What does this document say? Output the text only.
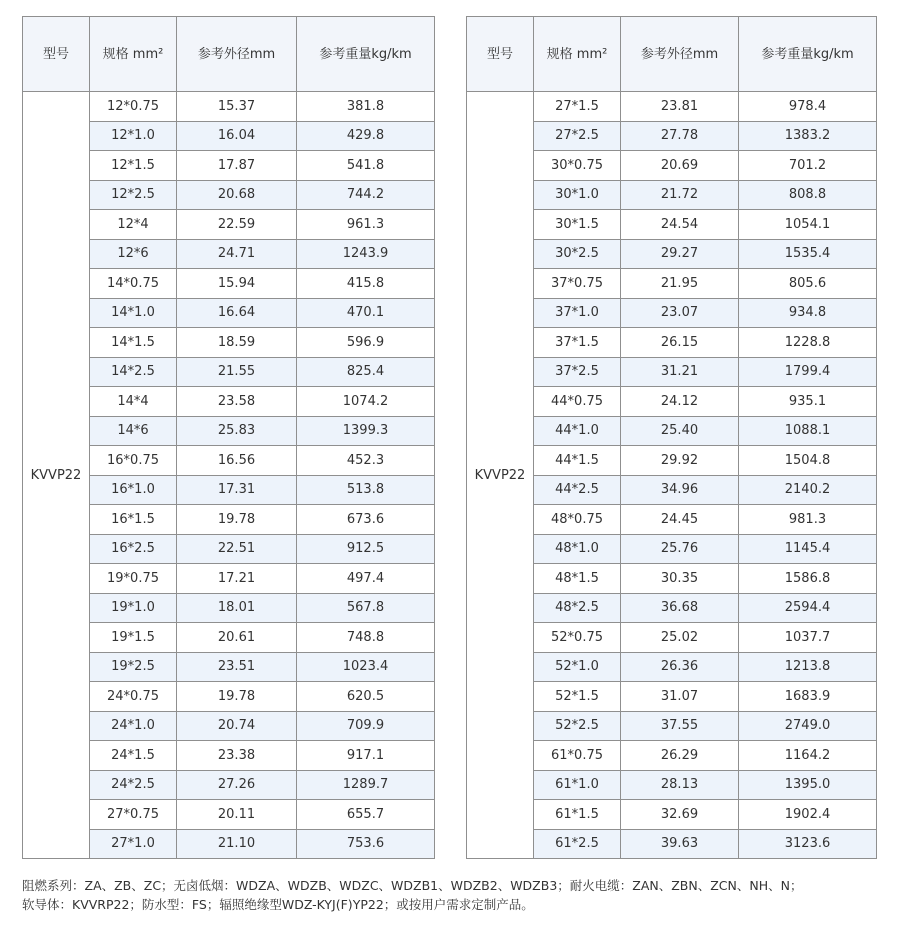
型号	规格 mm²	参考外径mm	参考重量kg/km
KVVP22	12*0.75	15.37	381.8
	12*1.0	16.04	429.8
	12*1.5	17.87	541.8
	12*2.5	20.68	744.2
	12*4	22.59	961.3
	12*6	24.71	1243.9
	14*0.75	15.94	415.8
	14*1.0	16.64	470.1
	14*1.5	18.59	596.9
	14*2.5	21.55	825.4
	14*4	23.58	1074.2
	14*6	25.83	1399.3
	16*0.75	16.56	452.3
	16*1.0	17.31	513.8
	16*1.5	19.78	673.6
	16*2.5	22.51	912.5
	19*0.75	17.21	497.4
	19*1.0	18.01	567.8
	19*1.5	20.61	748.8
	19*2.5	23.51	1023.4
	24*0.75	19.78	620.5
	24*1.0	20.74	709.9
	24*1.5	23.38	917.1
	24*2.5	27.26	1289.7
	27*0.75	20.11	655.7
	27*1.0	21.10	753.6
型号	规格 mm²	参考外径mm	参考重量kg/km
KVVP22	27*1.5	23.81	978.4
	27*2.5	27.78	1383.2
	30*0.75	20.69	701.2
	30*1.0	21.72	808.8
	30*1.5	24.54	1054.1
	30*2.5	29.27	1535.4
	37*0.75	21.95	805.6
	37*1.0	23.07	934.8
	37*1.5	26.15	1228.8
	37*2.5	31.21	1799.4
	44*0.75	24.12	935.1
	44*1.0	25.40	1088.1
	44*1.5	29.92	1504.8
	44*2.5	34.96	2140.2
	48*0.75	24.45	981.3
	48*1.0	25.76	1145.4
	48*1.5	30.35	1586.8
	48*2.5	36.68	2594.4
	52*0.75	25.02	1037.7
	52*1.0	26.36	1213.8
	52*1.5	31.07	1683.9
	52*2.5	37.55	2749.0
	61*0.75	26.29	1164.2
	61*1.0	28.13	1395.0
	61*1.5	32.69	1902.4
	61*2.5	39.63	3123.6
阻燃系列：ZA、ZB、ZC；无卤低烟：WDZA、WDZB、WDZC、WDZB1、WDZB2、WDZB3；耐火电缆：ZAN、ZBN、ZCN、NH、N；
软导体：KVVRP22；防水型：FS；辐照绝缘型WDZ-KYJ(F)YP22；或按用户需求定制产品。
